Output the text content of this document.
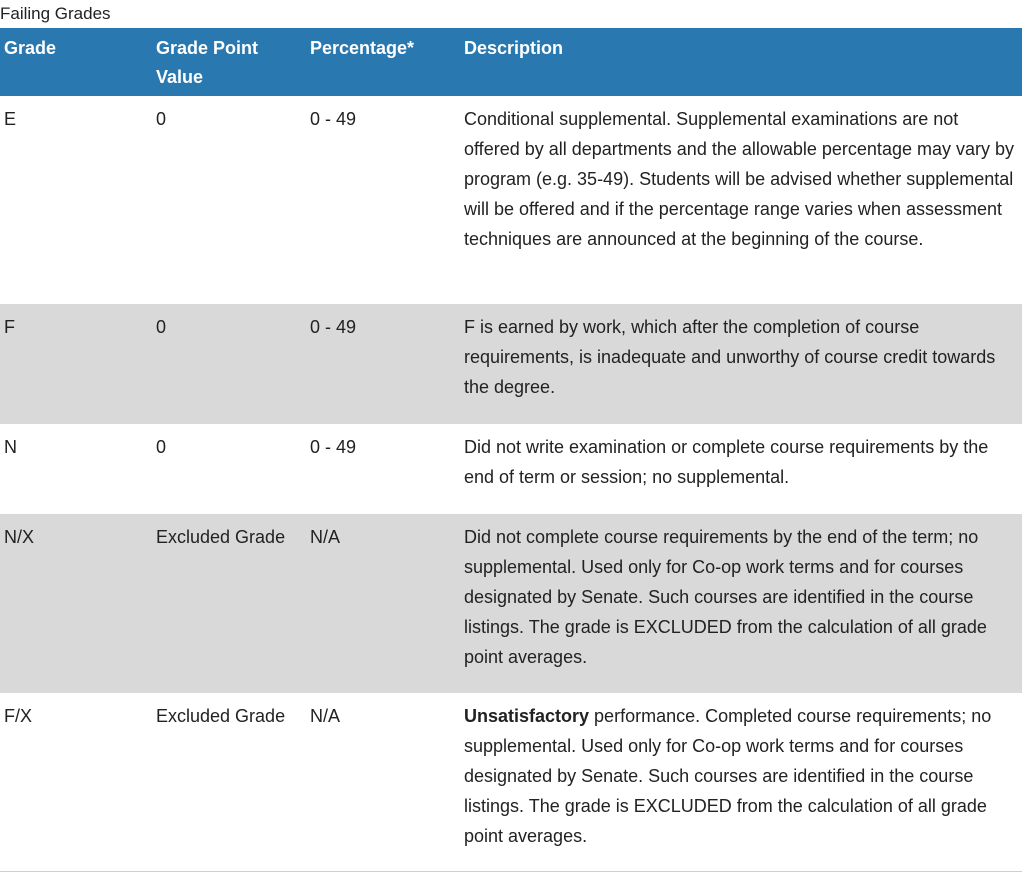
Failing Grades
Grade	Grade Point Value	Percentage*	Description
E	0	0 - 49	Conditional supplemental. Supplemental examinations are not offered by all departments and the allowable percentage may vary by program (e.g. 35-49). Students will be advised whether supplemental will be offered and if the percentage range varies when assessment techniques are announced at the beginning of the course.
F	0	0 - 49	F is earned by work, which after the completion of course requirements, is inadequate and unworthy of course credit towards the degree.
N	0	0 - 49	Did not write examination or complete course requirements by the end of term or session; no supplemental.
N/X	Excluded Grade	N/A	Did not complete course requirements by the end of the term; no supplemental. Used only for Co-op work terms and for courses designated by Senate. Such courses are identified in the course listings. The grade is EXCLUDED from the calculation of all grade point averages.
F/X	Excluded Grade	N/A	Unsatisfactory performance. Completed course requirements; no supplemental. Used only for Co-op work terms and for courses designated by Senate. Such courses are identified in the course listings. The grade is EXCLUDED from the calculation of all grade point averages.
